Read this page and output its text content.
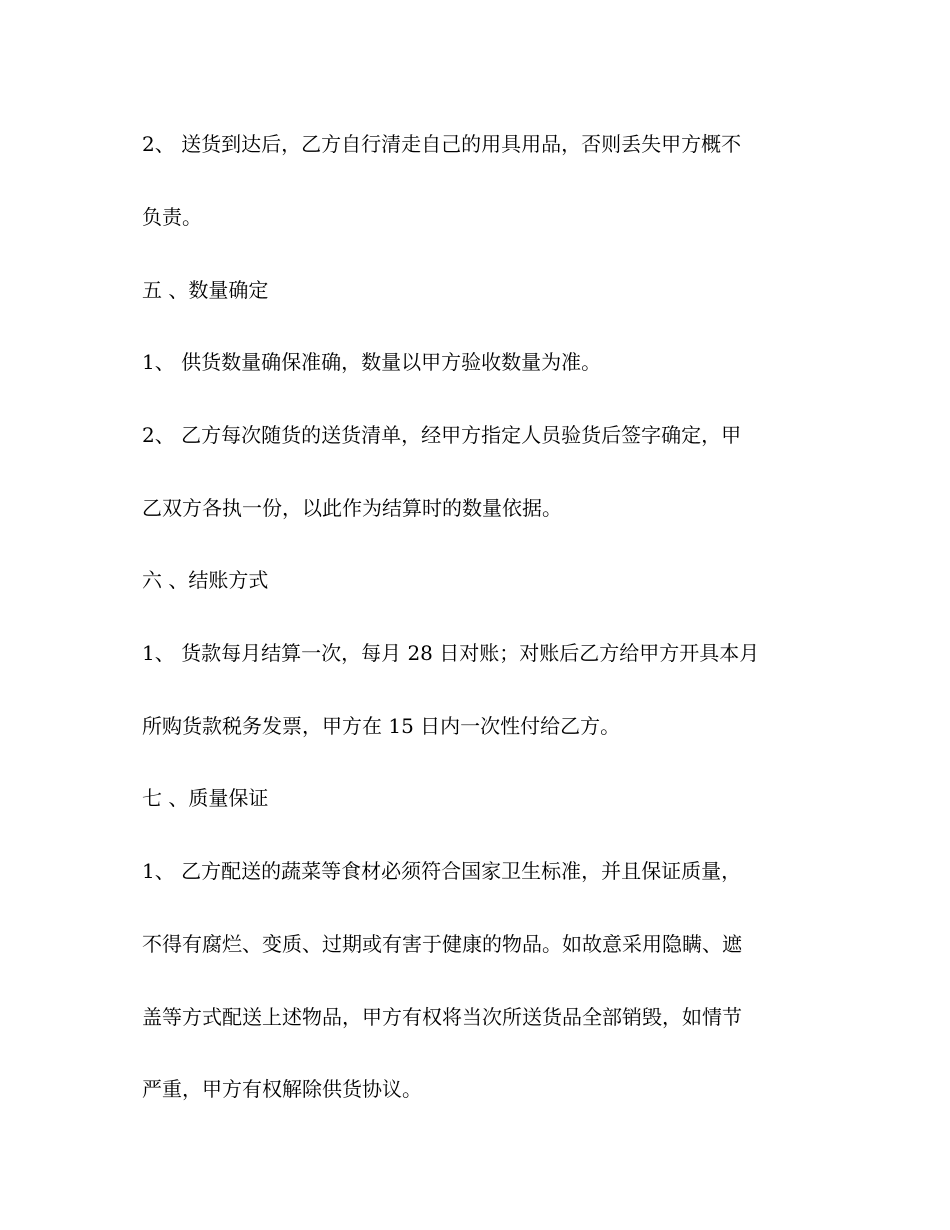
2、 送货到达后，乙方自行清走自己的用具用品，否则丢失甲方概不

负责。

五 、数量确定

1、 供货数量确保准确，数量以甲方验收数量为准。

2、 乙方每次随货的送货清单，经甲方指定人员验货后签字确定，甲

乙双方各执一份，以此作为结算时的数量依据。

六 、结账方式

1、 货款每月结算一次，每月 28 日对账；对账后乙方给甲方开具本月

所购货款税务发票，甲方在 15 日内一次性付给乙方。

七 、质量保证

1、 乙方配送的蔬菜等食材必须符合国家卫生标准，并且保证质量，

不得有腐烂、变质、过期或有害于健康的物品。如故意采用隐瞒、遮

盖等方式配送上述物品，甲方有权将当次所送货品全部销毁，如情节

严重，甲方有权解除供货协议。
